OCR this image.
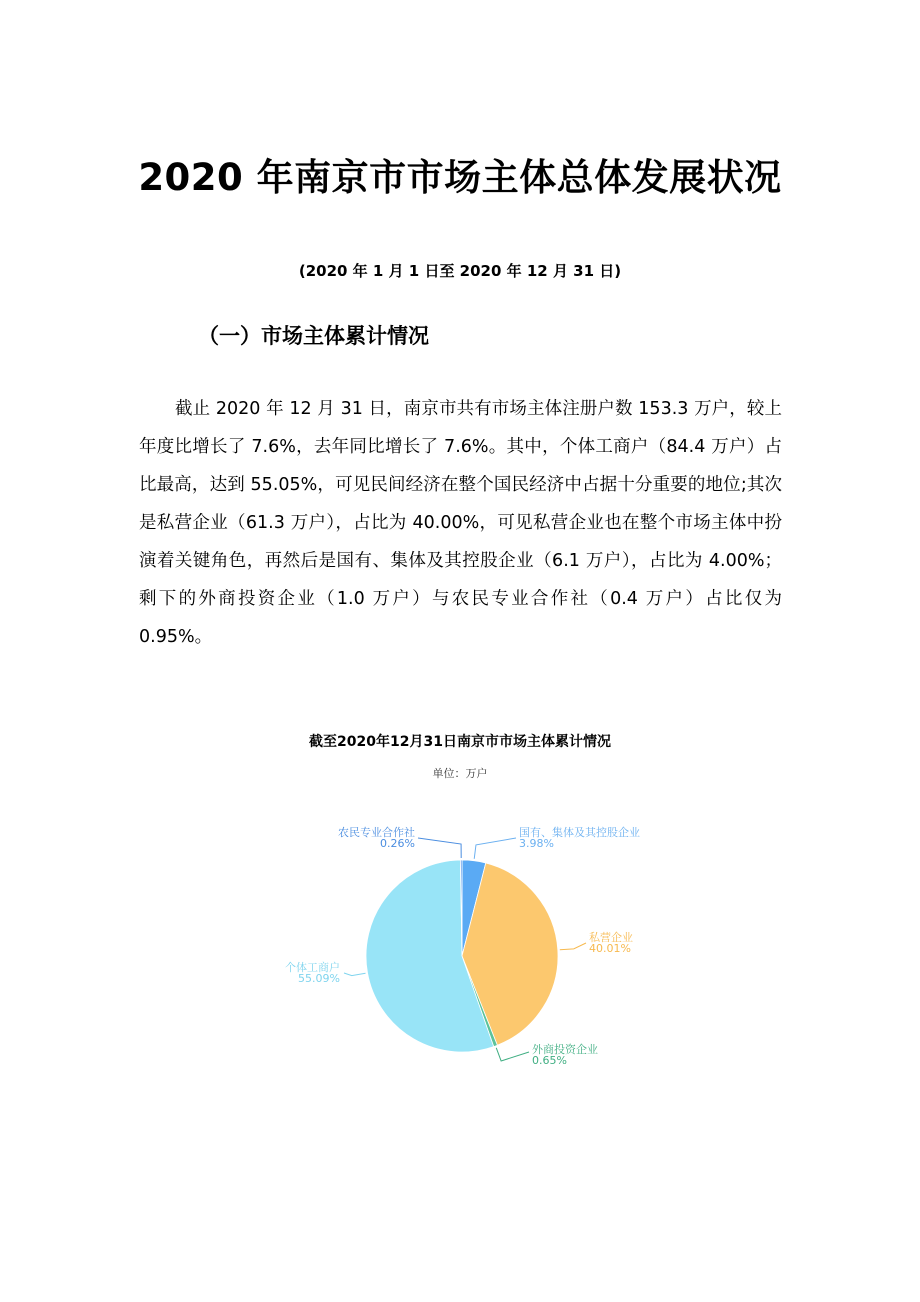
2020 年南京市市场主体总体发展状况
(2020 年 1 月 1 日至 2020 年 12 月 31 日)
（一）市场主体累计情况

截止 2020 年 12 月 31 日，南京市共有市场主体注册户数 153.3 万户，较上年度比增长了 7.6%，去年同比增长了 7.6%。其中，个体工商户（84.4 万户）占比最高，达到 55.05%，可见民间经济在整个国民经济中占据十分重要的地位;其次是私营企业（61.3 万户），占比为 40.00%，可见私营企业也在整个市场主体中扮演着关键角色，再然后是国有、集体及其控股企业（6.1 万户），占比为 4.00%；剩下的外商投资企业（1.0 万户）与农民专业合作社（0.4 万户）占比仅为 0.95%。

截至2020年12月31日南京市市场主体累计情况
单位：万户
国有、集体及其控股企业
3.98%
私营企业
40.01%
外商投资企业
0.65%
个体工商户
55.09%
农民专业合作社
0.26%
